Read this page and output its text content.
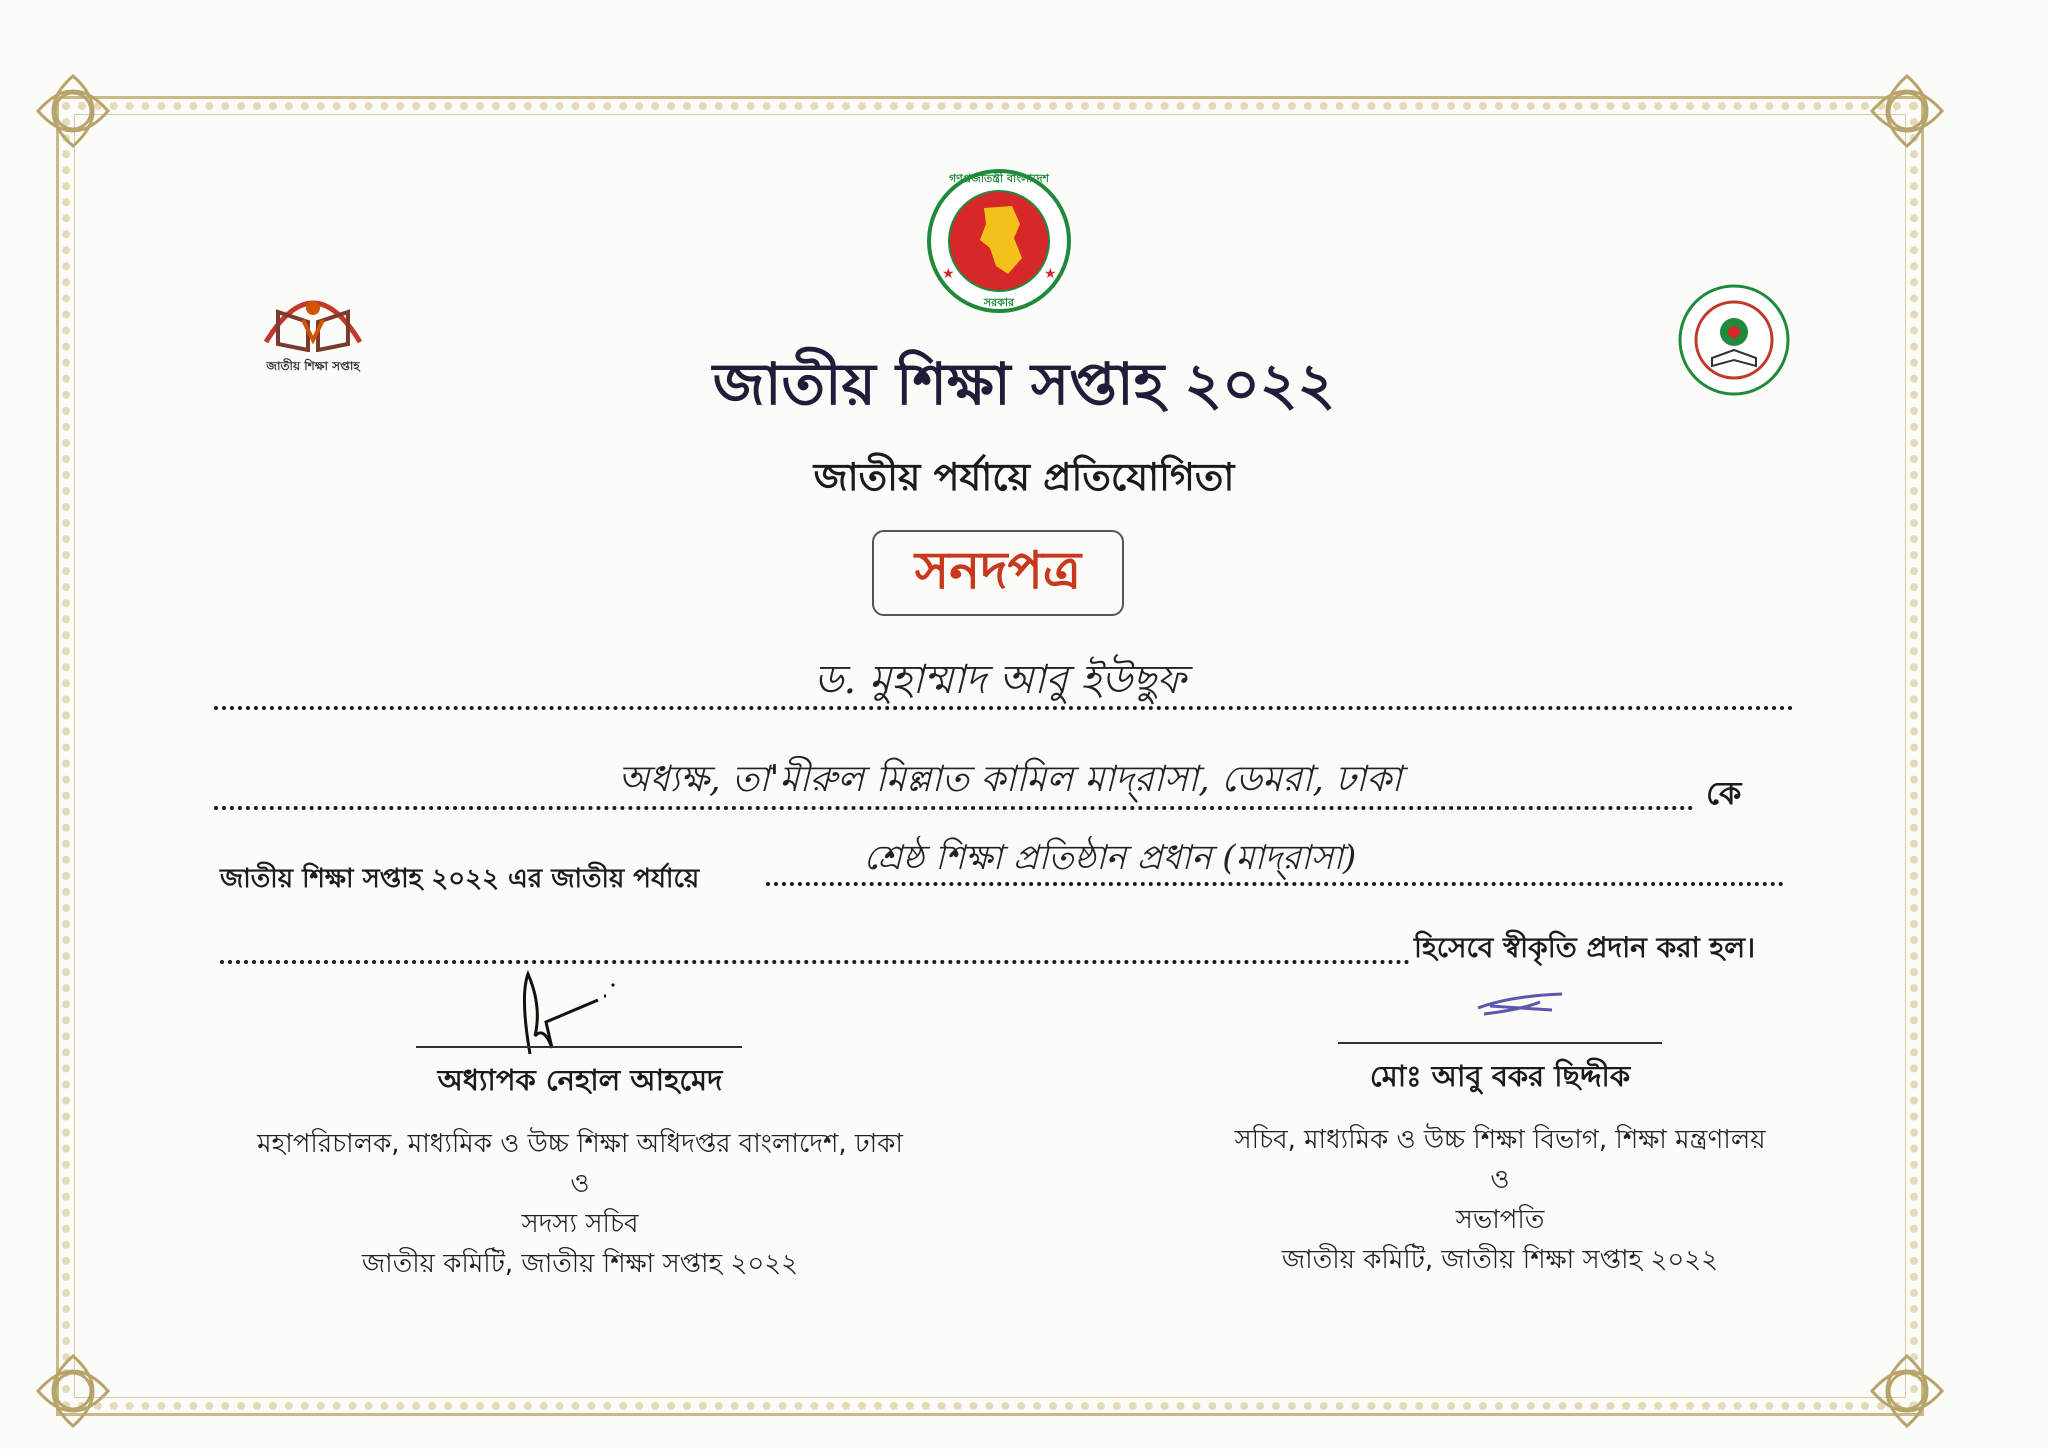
জাতীয় শিক্ষা সপ্তাহ
★	★
গণপ্রজাতন্ত্রী বাংলাদেশ
সরকার
জাতীয় শিক্ষা সপ্তাহ ২০২২
জাতীয় পর্যায়ে প্রতিযোগিতা
সনদপত্র
ড. মুহাম্মাদ আবু ইউছুফ
অধ্যক্ষ, তা'মীরুল মিল্লাত কামিল মাদ্‌রাসা, ডেমরা, ঢাকা	কে
জাতীয় শিক্ষা সপ্তাহ ২০২২ এর জাতীয় পর্যায়ে
শ্রেষ্ঠ শিক্ষা প্রতিষ্ঠান প্রধান (মাদ্‌রাসা)
হিসেবে স্বীকৃতি প্রদান করা হল।
অধ্যাপক নেহাল আহমেদ
মহাপরিচালক, মাধ্যমিক ও উচ্চ শিক্ষা অধিদপ্তর বাংলাদেশ, ঢাকা
ও
সদস্য সচিব
জাতীয় কমিটি, জাতীয় শিক্ষা সপ্তাহ ২০২২
মোঃ আবু বকর ছিদ্দীক
সচিব, মাধ্যমিক ও উচ্চ শিক্ষা বিভাগ, শিক্ষা মন্ত্রণালয়
ও
সভাপতি
জাতীয় কমিটি, জাতীয় শিক্ষা সপ্তাহ ২০২২
